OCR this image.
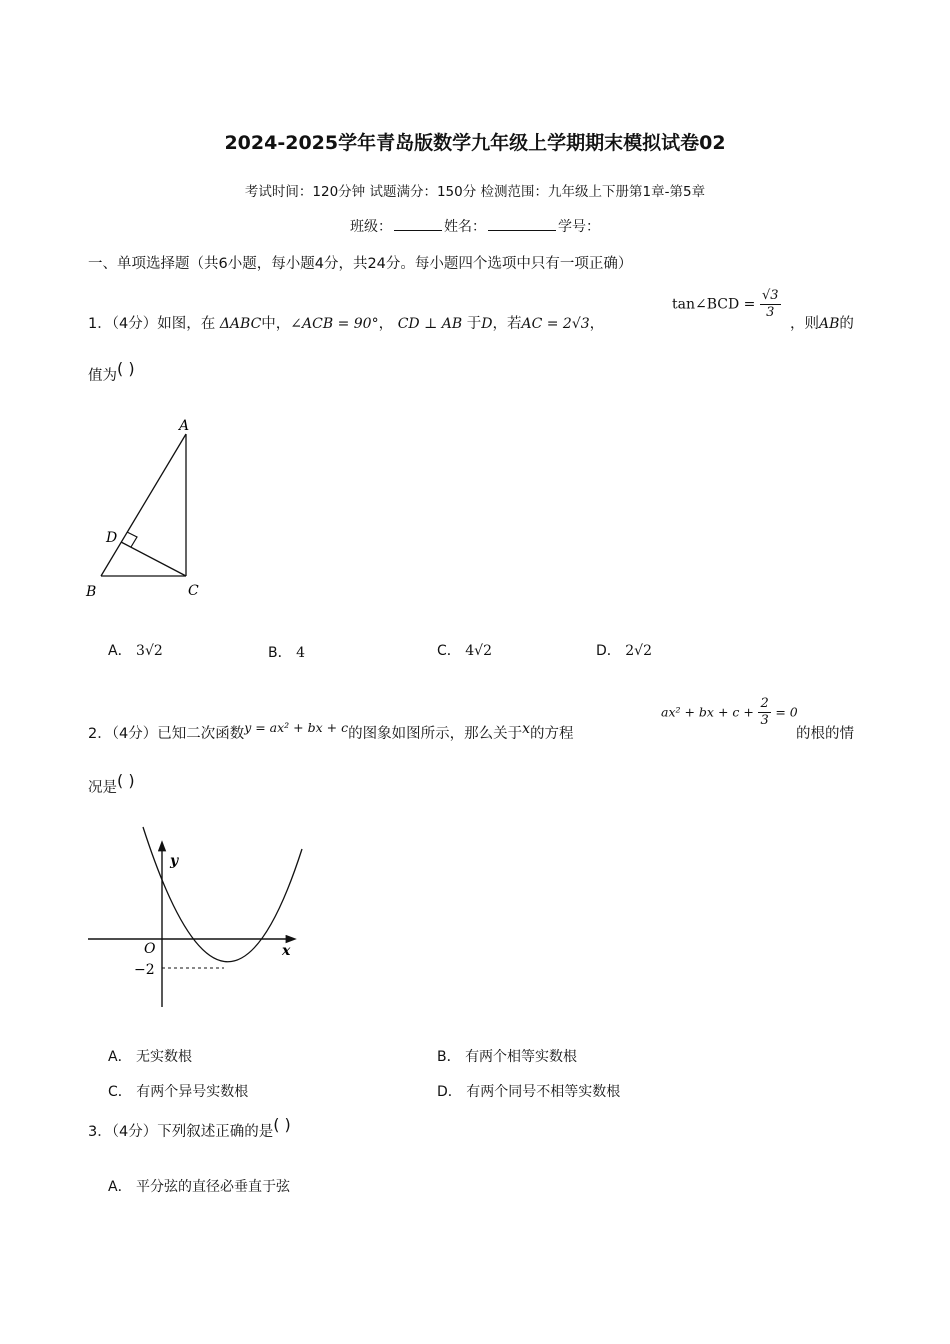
2024-2025学年青岛版数学九年级上学期期末模拟试卷02
考试时间：120分钟 试题满分：150分 检测范围：九年级上下册第1章-第5章
班级：	姓名：	学号：
一、单项选择题（共6小题，每小题4分，共24分。每小题四个选项中只有一项正确）
1．（4分）如图，在 ΔABC中，∠ACB = 90°， CD ⊥ AB 于D，若AC = 2√3，
tan∠BCD = $\frac{√3}{3}$
，则AB的
值为( )
A
D
B	C
A． 3√2	B． 4	C． 4√2	D． 2√2
2．（4分）已知二次函数y = ax² + bx + c的图象如图所示，那么关于x的方程
ax² + bx + $c + \frac{2}{3} = 0$
的根的情
况是( )
y
x
O
−2
A． 无实数根	B． 有两个相等实数根
C． 有两个异号实数根	D． 有两个同号不相等实数根
3．（4分）下列叙述正确的是( )
A． 平分弦的直径必垂直于弦
